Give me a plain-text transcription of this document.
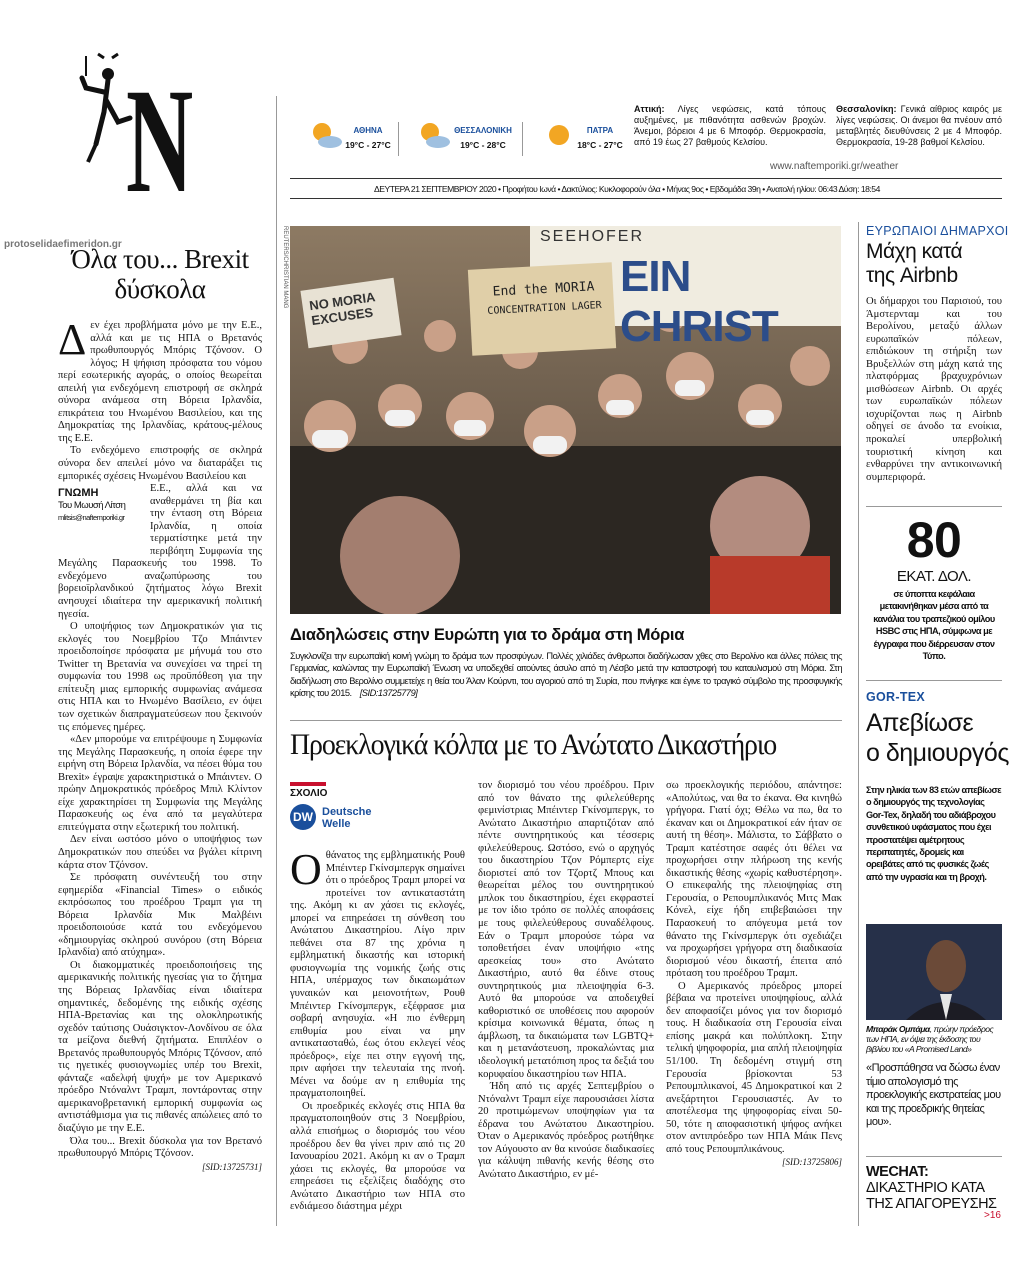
protoselidaefimeridon.gr
N	ΑΘΗΝΑ
19°C - 27°C
ΘΕΣΣΑΛΟΝΙΚΗ
19°C - 28°C
ΠΑΤΡΑ
18°C - 27°C
Αττική: Λίγες νεφώσεις, κατά τόπους αυξημένες, με πιθανότητα ασθενών βροχών. Άνεμοι, βόρειοι 4 με 6 Μποφόρ. Θερμοκρασία, από 19 έως 27 βαθμούς Κελσίου.
Θεσσαλονίκη: Γενικά αίθριος καιρός με λίγες νεφώσεις. Οι άνεμοι θα πνέουν από μεταβλητές διευθύνσεις 2 με 4 Μποφόρ. Θερμοκρασία, 19-28 βαθμοί Κελσίου.
www.naftemporiki.gr/weather
ΔΕΥΤΕΡΑ 21 ΣΕΠΤΕΜΒΡΙΟΥ 2020 • Προφήτου Ιωνά • Δακτύλιος: Κυκλοφορούν όλα • Μήνας 9ος • Εβδομάδα 39η • Ανατολή ηλίου: 06:43 Δύση: 18:54
Όλα του... Brexit δύσκολα

Δεν έχει προβλήματα μόνο με την Ε.Ε., αλλά και με τις ΗΠΑ ο Βρετανός πρωθυπουργός Μπόρις Τζόνσον. Ο λόγος; Η ψήφιση πρόσφατα του νόμου περί εσωτερικής αγοράς, ο οποίος θεωρείται απειλή για ενδεχόμενη επιστροφή σε σκληρά σύνορα ανάμεσα στη Βόρεια Ιρλανδία, επικράτεια του Ηνωμένου Βασιλείου, και της Δημοκρατίας της Ιρλανδίας, κράτους-μέλους της Ε.Ε.

Το ενδεχόμενο επιστροφής σε σκληρά σύνορα δεν απειλεί μόνο να διαταράξει τις εμπορικές σχέσεις Ηνωμένου Βασιλείου και

ΓΝΩΜΗ
Του Μωυσή Λίτση
mlitsis@naftemporiki.gr

Ε.Ε., αλλά και να αναθερμάνει τη βία και την ένταση στη Βόρεια Ιρλανδία, η οποία τερματίστηκε μετά την περιβόητη Συμφωνία της Μεγάλης Παρασκευής του 1998. Το ενδεχόμενο αναζωπύρωσης του βορειοϊρλανδικού ζητήματος λόγω Brexit ανησυχεί ιδιαίτερα την αμερικανική πολιτική ηγεσία.

Ο υποψήφιος των Δημοκρατικών για τις εκλογές του Νοεμβρίου Τζο Μπάιντεν προειδοποίησε πρόσφατα με μήνυμά του στο Twitter τη Βρετανία να συνεχίσει να τηρεί τη συμφωνία του 1998 ως προϋπόθεση για την επίτευξη μιας εμπορικής συμφωνίας ανάμεσα στις ΗΠΑ και το Ηνωμένο Βασίλειο, εν όψει των σχετικών διαπραγματεύσεων που ξεκινούν τις επόμενες ημέρες.

«Δεν μπορούμε να επιτρέψουμε η Συμφωνία της Μεγάλης Παρασκευής, η οποία έφερε την ειρήνη στη Βόρεια Ιρλανδία, να πέσει θύμα του Brexit» έγραψε χαρακτηριστικά ο Μπάιντεν. Ο πρώην Δημοκρατικός πρόεδρος Μπιλ Κλίντον είχε χαρακτηρίσει τη Συμφωνία της Μεγάλης Παρασκευής ως ένα από τα μεγαλύτερα επιτεύγματα στην εξωτερική του πολιτική.

Δεν είναι ωστόσο μόνο ο υποψήφιος των Δημοκρατικών που σπεύδει να βγάλει κίτρινη κάρτα στον Τζόνσον.

Σε πρόσφατη συνέντευξή του στην εφημερίδα «Financial Times» ο ειδικός εκπρόσωπος του προέδρου Τραμπ για τη Βόρεια Ιρλανδία Μικ Μαλβέινι προειδοποιούσε κατά του ενδεχόμενου «δημιουργίας σκληρού συνόρου (στη Βόρεια Ιρλανδία) από ατύχημα».

Οι διακομματικές προειδοποιήσεις της αμερικανικής πολιτικής ηγεσίας για το ζήτημα της Βόρειας Ιρλανδίας είναι ιδιαίτερα σημαντικές, δεδομένης της ειδικής σχέσης ΗΠΑ-Βρετανίας και της ολοκληρωτικής σχεδόν ταύτισης Ουάσιγκτον-Λονδίνου σε όλα τα μείζονα διεθνή ζητήματα. Επιπλέον ο Βρετανός πρωθυπουργός Μπόρις Τζόνσον, από τις ηγετικές φυσιογνωμίες υπέρ του Brexit, φάνταζε «αδελφή ψυχή» με τον Αμερικανό πρόεδρο Ντόναλντ Τραμπ, ποντάροντας στην αμερικανοβρετανική εμπορική συμφωνία ως αντιστάθμισμα για τις πιθανές απώλειες από το διαζύγιο με την Ε.Ε.

Όλα του... Brexit δύσκολα για τον Βρετανό πρωθυπουργό Μπόρις Τζόνσον.

[SID:13725731]

NO MORIA EXCUSES
SEEHOFER
EIN CHRIST
End the MORIA
CONCENTRATION LAGER
REUTERS/CHRISTIAN MANG
Διαδηλώσεις στην Ευρώπη για το δράμα στη Μόρια
Συγκλονίζει την ευρωπαϊκή κοινή γνώμη το δράμα των προσφύγων. Πολλές χιλιάδες άνθρωποι διαδήλωσαν χθες στο Βερολίνο και άλλες πόλεις της Γερμανίας, καλώντας την Ευρωπαϊκή Ένωση να υποδεχθεί αιτούντες άσυλο από τη Λέσβο μετά την καταστροφή του καταυλισμού στη Μόρια. Στη διαδήλωση στο Βερολίνο συμμετείχε η θεία του Άλαν Κούρντι, του αγοριού από τη Συρία, που πνίγηκε και έγινε το τραγικό σύμβολο της προσφυγικής κρίσης του 2015. [SID:13725779]
Προεκλογικά κόλπα με το Ανώτατο Δικαστήριο
ΣΧΟΛΙΟ
DW Deutsche
Welle

Οθάνατος της εμβληματικής Ρουθ Μπέιντερ Γκίνσμπεργκ σημαίνει ότι ο πρόεδρος Τραμπ μπορεί να προτείνει τον αντικαταστάτη της. Ακόμη κι αν χάσει τις εκλογές, μπορεί να επηρεάσει τη σύνθεση του Ανώτατου Δικαστηρίου. Λίγο πριν πεθάνει στα 87 της χρόνια η εμβληματική δικαστής και ιστορική φυσιογνωμία της νομικής ζωής στις ΗΠΑ, υπέρμαχος των δικαιωμάτων γυναικών και μειονοτήτων, Ρουθ Μπέιντερ Γκίνσμπεργκ, εξέφρασε μια σοβαρή ανησυχία. «Η πιο ένθερμη επιθυμία μου είναι να μην αντικατασταθώ, έως ότου εκλεγεί νέος πρόεδρος», είχε πει στην εγγονή της, πριν αφήσει την τελευταία της πνοή. Μένει να δούμε αν η επιθυμία της πραγματοποιηθεί.

Οι προεδρικές εκλογές στις ΗΠΑ θα πραγματοποιηθούν στις 3 Νοεμβρίου, αλλά επισήμως ο διορισμός του νέου προέδρου δεν θα γίνει πριν από τις 20 Ιανουαρίου 2021. Ακόμη κι αν ο Τραμπ χάσει τις εκλογές, θα μπορούσε να επηρεάσει τις εξελίξεις διαδόχης στο Ανώτατο Δικαστήριο των ΗΠΑ στο ενδιάμεσο διάστημα μέχρι

τον διορισμό του νέου προέδρου. Πριν από τον θάνατο της φιλελεύθερης φεμινίστριας Μπέιντερ Γκίνσμπεργκ, το Ανώτατο Δικαστήριο απαρτιζόταν από πέντε συντηρητικούς και τέσσερις φιλελεύθερους. Ωστόσο, ενώ ο αρχηγός του δικαστηρίου Τζον Ρόμπερτς είχε διοριστεί από τον Τζορτζ Μπους και θεωρείται μέλος του συντηρητικού μπλοκ του δικαστηρίου, έχει εκφραστεί με τον ίδιο τρόπο σε πολλές αποφάσεις με τους φιλελεύθερους συναδέλφους. Εάν ο Τραμπ μπορούσε τώρα να τοποθετήσει έναν υποψήφιο «της αρεσκείας του» στο Ανώτατο Δικαστήριο, αυτό θα έδινε στους συντηρητικούς μια πλειοψηφία 6-3. Αυτό θα μπορούσε να αποδειχθεί καθοριστικό σε υποθέσεις που αφορούν κρίσιμα κοινωνικά θέματα, όπως η άμβλωση, τα δικαιώματα των LGBTQ+ και η μετανάστευση, προκαλώντας μια ιδεολογική μετατόπιση προς τα δεξιά του κορυφαίου δικαστηρίου των ΗΠΑ.

Ήδη από τις αρχές Σεπτεμβρίου ο Ντόναλντ Τραμπ είχε παρουσιάσει λίστα 20 προτιμώμενων υποψηφίων για τα έδρανα του Ανώτατου Δικαστηρίου. Όταν ο Αμερικανός πρόεδρος ρωτήθηκε τον Αύγουστο αν θα κινούσε διαδικασίες για κάλυψη πιθανής κενής θέσης στο Ανώτατο Δικαστήριο, εν μέ-

σω προεκλογικής περιόδου, απάντησε: «Απολύτως, ναι θα το έκανα. Θα κινηθώ γρήγορα. Γιατί όχι; Θέλω να πω, θα το έκαναν και οι Δημοκρατικοί εάν ήταν σε αυτή τη θέση». Μάλιστα, το Σάββατο ο Τραμπ κατέστησε σαφές ότι θέλει να προχωρήσει στην πλήρωση της κενής δικαστικής θέσης «χωρίς καθυστέρηση». Ο επικεφαλής της πλειοψηφίας στη Γερουσία, ο Ρεπουμπλικανός Μιτς Μακ Κόνελ, είχε ήδη επιβεβαιώσει την Παρασκευή το απόγευμα μετά τον θάνατο της Γκίνσμπεργκ ότι σχεδιάζει να προχωρήσει γρήγορα στη διαδικασία διορισμού νέου δικαστή, έπειτα από πρόταση του προέδρου Τραμπ.

Ο Αμερικανός πρόεδρος μπορεί βέβαια να προτείνει υποψηφίους, αλλά δεν αποφασίζει μόνος για τον διορισμό τους. Η διαδικασία στη Γερουσία είναι επίσης μακρά και πολύπλοκη. Στην τελική ψηφοφορία, μια απλή πλειοψηφία 51/100. Τη δεδομένη στιγμή στη Γερουσία βρίσκονται 53 Ρεπουμπλικανοί, 45 Δημοκρατικοί και 2 ανεξάρτητοι Γερουσιαστές. Αν το αποτέλεσμα της ψηφοφορίας είναι 50-50, τότε η αποφασιστική ψήφος ανήκει στον αντιπρόεδρο των ΗΠΑ Μάικ Πενς από τους Ρεπουμπλικάνους.

[SID:13725806]

ΕΥΡΩΠΑΙΟΙ ΔΗΜΑΡΧΟΙ
Μάχη κατά
της Airbnb
Οι δήμαρχοι του Παρισιού, του Άμστερνταμ και του Βερολίνου, μεταξύ άλλων ευρωπαϊκών πόλεων, επιδιώκουν τη στήριξη των Βρυξελλών στη μάχη κατά της πλατφόρμας βραχυχρόνιων μισθώσεων Airbnb. Οι αρχές των ευρωπαϊκών πόλεων ισχυρίζονται πως η Airbnb οδηγεί σε άνοδο τα ενοίκια, προκαλεί υπερβολική τουριστική κίνηση και ενθαρρύνει την αντικοινωνική συμπεριφορά.
80
ΕΚΑΤ. ΔΟΛ.
σε ύποπτα κεφάλαια μετακινήθηκαν μέσα από τα κανάλια του τραπεζικού ομίλου HSBC στις ΗΠΑ, σύμφωνα με έγγραφα που διέρρευσαν στον Τύπο.
GOR-TEX
Απεβίωσε
ο δημιουργός
Στην ηλικία των 83 ετών απεβίωσε ο δημιουργός της τεχνολογίας Gor-Tex, δηλαδή του αδιάβροχου συνθετικού υφάσματος που έχει προστατέψει αμέτρητους περιπατητές, δρομείς και ορειβάτες από τις φυσικές ζωές από την υγρασία και τη βροχή.
Μπαράκ Ομπάμα, πρώην πρόεδρος των ΗΠΑ, εν όψει της έκδοσης του βιβλίου του «A Promised Land»
«Προσπάθησα να δώσω έναν τίμιο απολογισμό της προεκλογικής εκστρατείας μου και της προεδρικής θητείας μου».
WECHAT:
ΔΙΚΑΣΤΗΡΙΟ ΚΑΤΑ
ΤΗΣ ΑΠΑΓΟΡΕΥΣΗΣ
>16
